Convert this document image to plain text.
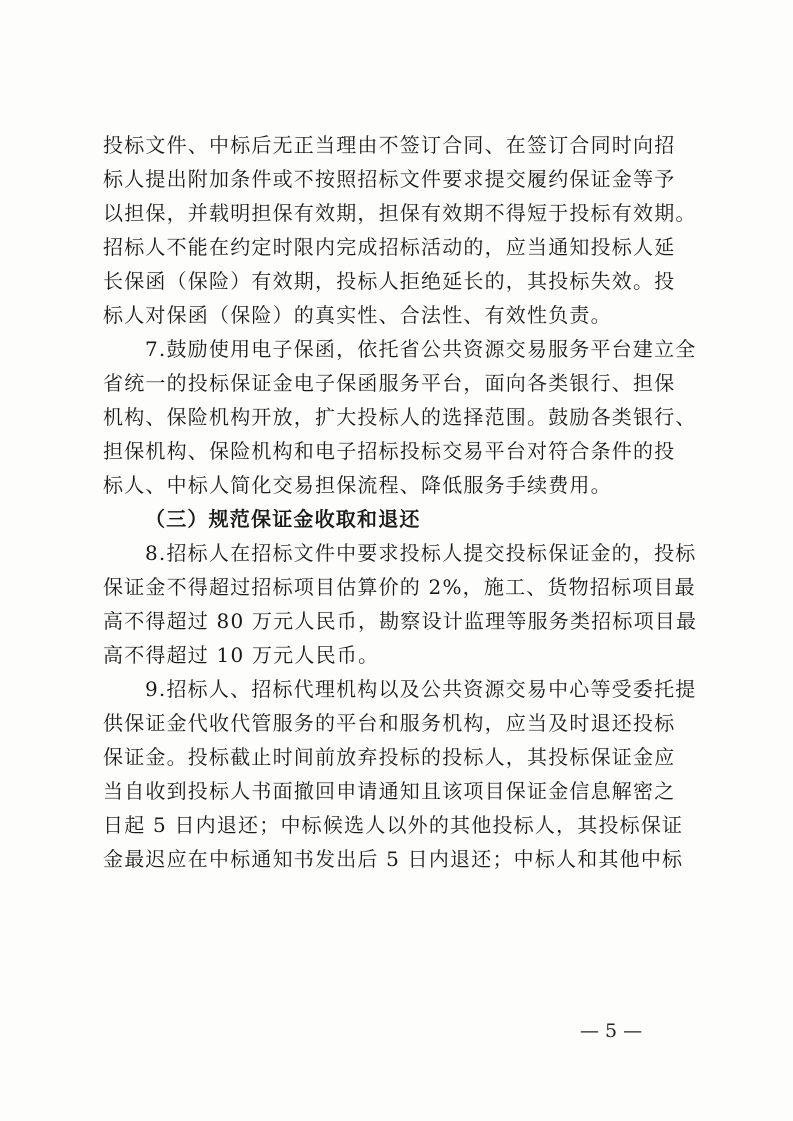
投标文件、中标后无正当理由不签订合同、在签订合同时向招
标人提出附加条件或不按照招标文件要求提交履约保证金等予
以担保，并载明担保有效期，担保有效期不得短于投标有效期。
招标人不能在约定时限内完成招标活动的，应当通知投标人延
长保函（保险）有效期，投标人拒绝延长的，其投标失效。投
标人对保函（保险）的真实性、合法性、有效性负责。
7.鼓励使用电子保函，依托省公共资源交易服务平台建立全
省统一的投标保证金电子保函服务平台，面向各类银行、担保
机构、保险机构开放，扩大投标人的选择范围。鼓励各类银行、
担保机构、保险机构和电子招标投标交易平台对符合条件的投
标人、中标人简化交易担保流程、降低服务手续费用。
（三）规范保证金收取和退还
8.招标人在招标文件中要求投标人提交投标保证金的，投标
保证金不得超过招标项目估算价的 2%，施工、货物招标项目最
高不得超过 80 万元人民币，勘察设计监理等服务类招标项目最
高不得超过 10 万元人民币。
9.招标人、招标代理机构以及公共资源交易中心等受委托提
供保证金代收代管服务的平台和服务机构，应当及时退还投标
保证金。投标截止时间前放弃投标的投标人，其投标保证金应
当自收到投标人书面撤回申请通知且该项目保证金信息解密之
日起 5 日内退还；中标候选人以外的其他投标人，其投标保证
金最迟应在中标通知书发出后 5 日内退还；中标人和其他中标
— 5 —
